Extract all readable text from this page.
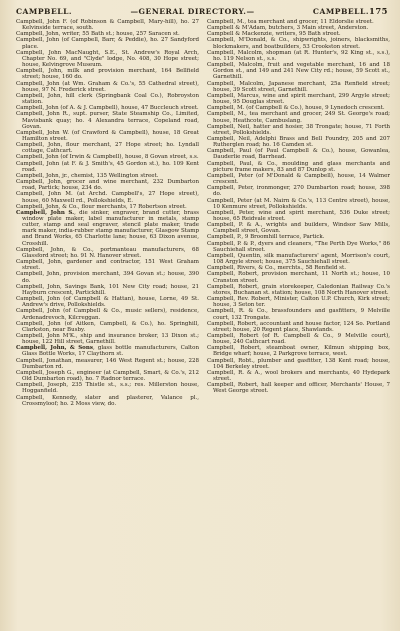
CAMPBELL.	—GENERAL DIRECTORY.—	CAMPBELL. 175
Campbell, John F. (of Robinson & Campbell, Mary-hill), ho. 27 Kelvinside terrace, south.
Campbell, John, writer, 55 Bath st.; house, 257 Saracen st.
Campbell, John (of Campbell, Barr, & Peddie), ho. 27 Sandyford place.
Campbell, John MacNaught, S.E., St. Andrew's Royal Arch, Chapter No. 69, and "Clyde" lodge, No. 408, 30 Hope street; house, Kelvingrove Museum.
Campbell, John, milk and provision merchant, 164 Bellfield street; house, 160 do.
Campbell, John (at Wm. Graham & Co.'s, 55 Cathedral street), house, 97 N. Frederick street.
Campbell, John, hill clerk (Springbank Coal Co.), Robroyston station.
Campbell, John (of A. & J. Campbell), house, 47 Buccleuch street.
Campbell, John R., supt. purser, State Steamship Co., Limited, Mavisbank quay; ho. 4 Alexandra terrace, Copeland road, Govan.
Campbell, John W. (of Crawford & Campbell), house, 18 Great Hamilton street.
Campbell, John, flour merchant, 27 Hope street; ho. Lyndall cottage, Cathcart.
Campbell, John (of Irwin & Campbell), house, 8 Govan street, s.s.
Campbell, John (at F. & J. Smith's, 45 Gordon st.), ho. 109 Kent road.
Campbell, John, jr., chemist, 135 Wellington street.
Campbell, John, grocer and wine merchant, 232 Dumbarton road, Partick; house, 234 do.
Campbell, John M. (at Archd. Campbell's, 27 Hope street), house, 60 Maxwell rd., Pollokshields, E.
Campbell, John, & Co., flour merchants, 17 Robertson street.
Campbell, John S., die sinker, engraver, brand cutter, brass window plate maker, label manufacturer in metals, stamp cutter, stamp and seal engraver, stencil plate maker, trade mark maker, india-rubber stamp manufacturer, Glasgow Stamp and Brand Works, 65 Charlotte lane; house, 63 Dixon avenue, Crosshill.
Campbell, John, & Co., portmanteau manufacturers, 68 Glassford street; ho. 91 N. Hanover street.
Campbell, John, gardener and contractor, 151 West Graham street.
Campbell, John, provision merchant, 394 Govan st.; house, 390 do.
Campbell, John, Savings Bank, 101 New City road; house, 21 Hayburn crescent, Partickhill.
Campbell, John (of Campbell & Hattan), house, Lorne, 49 St. Andrew's drive, Pollokshields.
Campbell, John (of Campbell & Co., music sellers), residence, Ardenadrevoch, Kilcreggan.
Campbell, John (of Aitken, Campbell, & Co.), ho. Springhill, Clarkston, near Busby.
Campbell, John M'K., ship and insurance broker, 13 Dixon st.; house, 122 Hill street, Garnethill.
Campbell, John, & Sons, glass bottle manufacturers, Calton Glass Bottle Works, 17 Claythorn st.
Campbell, Jonathan, measurer, 146 West Regent st.; house, 228 Dumbarton rd.
Campbell, Joseph G., engineer (at Campbell, Smart, & Co.'s, 212 Old Dumbarton road), ho. 7 Radnor terrace.
Campbell, Joseph, 235 Thistle st., s.s.; res. Millerston house, Hogganfield.
Campbell, Kennedy, slater and plasterer, Valance pl., Crossmyloof; ho. 2 Moss view, do.
Campbell, M., tea merchant and grocer, 11 Eldorslie street.
Campbell & M'Adam, butchers, 3 Main street, Anderston.
Campbell & Mackenzie, writers, 95 Bath street.
Campbell, M'Donald, & Co., shipwrights, joiners, blacksmiths, blockmakers, and boatbuilders, 53 Crookston street.
Campbell, Malcolm, shopman (at R. Hunter's, 92 King st., s.s.), ho. 119 Nelson st., s.s.
Campbell, Malcolm, fruit and vegetable merchant, 16 and 18 Gordon st., and 149 and 241 New City rd.; house, 59 Scott st., Garnethill.
Campbell, Malcolm, Japanese merchant, 25a Renfield street; house, 39 Scott street, Garnethill.
Campbell, Marcus, wine and spirit merchant, 299 Argyle street; house, 95 Douglas street.
Campbell, M. (of Campbell & Co.), house, 9 Lynedoch crescent.
Campbell, M., tea merchant and grocer, 249 St. George's road; house, Heathcote, Cambuslang.
Campbell, Neil, hatter and hosier, 38 Trongate; house, 71 Forth street, Pollokshields.
Campbell, Neil, Adelphi Brass and Bell Foundry, 205 and 207 Rutherglen road; ho. 16 Camden st.
Campbell, Paul (of Paul Campbell & Co.), house, Gowanlea, Dauderlie road, Barrhead.
Campbell, Paul, & Co., moulding and glass merchants and picture frame makers, 83 and 87 Dunlop st.
Campbell, Peter (of M'Donald & Campbell), house, 14 Walmer crescent.
Campbell, Peter, ironmonger, 270 Dumbarton road; house, 398 do.
Campbell, Peter (at M. Nairn & Co.'s, 113 Centre street), house, 10 Kenmure street, Pollokshields.
Campbell, Peter, wine and spirit merchant, 536 Duke street; house, 65 Reidvale street.
Campbell, P. & A., wrights and builders, Windsor Saw Mills, Campbell street, Govan.
Campbell, P., 9 Broomhill terrace, Partick.
Campbell, P. & P., dyers and cleaners, "The Perth Dye Works," 86 Sauchiehall street.
Campbell, Quentin, silk manufacturers' agent, Morrison's court, 108 Argyle street; house, 375 Sauchiehall street.
Campbell, Rivers, & Co., merchts., 58 Renfield st.
Campbell, Robert, provision merchant, 11 North st.; house, 10 Cranston street.
Campbell, Robert, grain storekeeper, Caledonian Railway Co.'s stores, Buchanan st. station; house, 108 North Hanover street.
Campbell, Rev. Robert, Minister, Calton U.P. Church, Kirk street; house, 3 Seton ter.
Campbell, R. & Co., brassfounders and gasfitters, 9 Melville court, 132 Trongate.
Campbell, Robert, accountant and house factor, 124 So. Portland street; house, 20 Regent place, Shawlands.
Campbell, Robert (of R. Campbell & Co., 9 Melville court), house, 240 Cathcart road.
Campbell, Robert, steamboat owner, Kilmun shipping box, Bridge wharf; house, 2 Parkgrove terrace, west.
Campbell, Robt., plumber and gasfitter, 138 Kent road; house, 104 Berkeley street.
Campbell, R. & A., wool brokers and merchants, 40 Hydepark street.
Campbell, Robert, hall keeper and officer, Merchants' House, 7 West George street.
